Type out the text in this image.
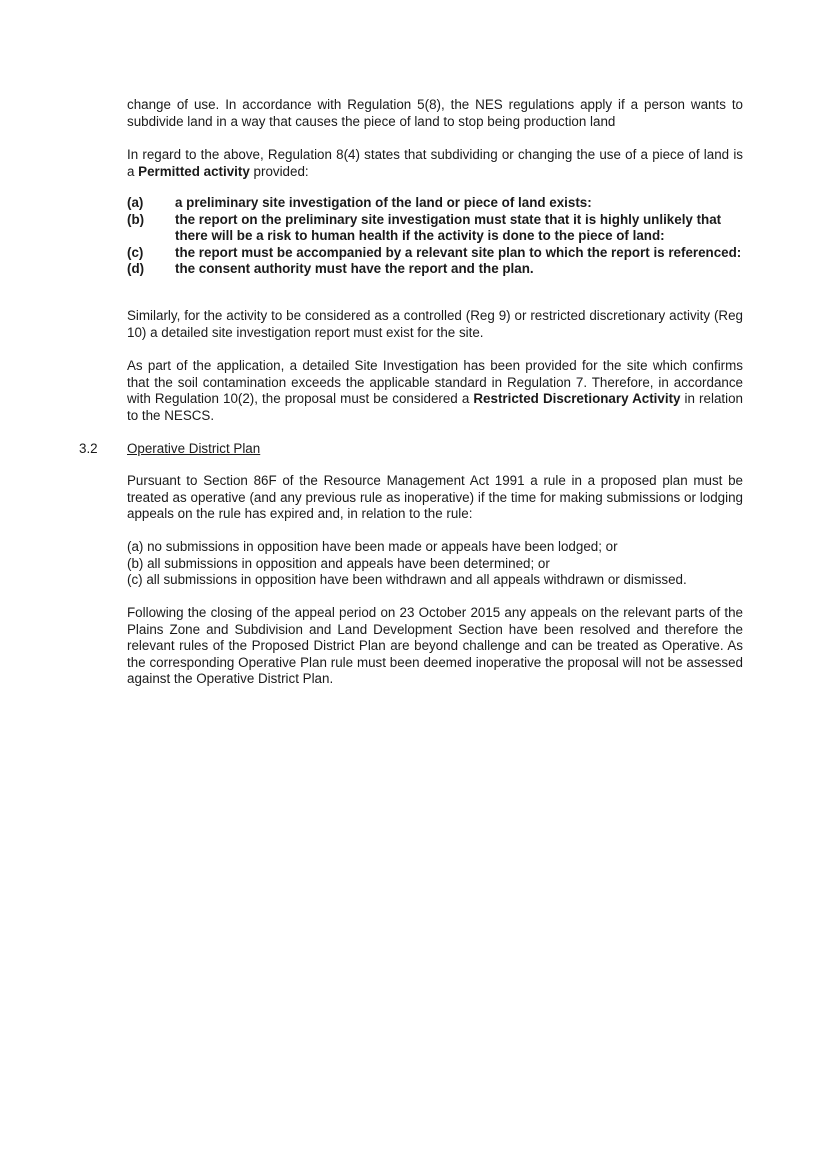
change of use. In accordance with Regulation 5(8), the NES regulations apply if a person wants to subdivide land in a way that causes the piece of land to stop being production land

In regard to the above, Regulation 8(4) states that subdividing or changing the use of a piece of land is a Permitted activity provided:

(a)	a preliminary site investigation of the land or piece of land exists:
(b)	the report on the preliminary site investigation must state that it is highly unlikely that there will be a risk to human health if the activity is done to the piece of land:
(c)	the report must be accompanied by a relevant site plan to which the report is referenced:
(d)	the consent authority must have the report and the plan.

Similarly, for the activity to be considered as a controlled (Reg 9) or restricted discretionary activity (Reg 10) a detailed site investigation report must exist for the site.

As part of the application, a detailed Site Investigation has been provided for the site which confirms that the soil contamination exceeds the applicable standard in Regulation 7. Therefore, in accordance with Regulation 10(2), the proposal must be considered a Restricted Discretionary Activity in relation to the NESCS.

3.2 Operative District Plan

Pursuant to Section 86F of the Resource Management Act 1991 a rule in a proposed plan must be treated as operative (and any previous rule as inoperative) if the time for making submissions or lodging appeals on the rule has expired and, in relation to the rule:

(a) no submissions in opposition have been made or appeals have been lodged; or
(b) all submissions in opposition and appeals have been determined; or
(c) all submissions in opposition have been withdrawn and all appeals withdrawn or dismissed.

Following the closing of the appeal period on 23 October 2015 any appeals on the relevant parts of the Plains Zone and Subdivision and Land Development Section have been resolved and therefore the relevant rules of the Proposed District Plan are beyond challenge and can be treated as Operative. As the corresponding Operative Plan rule must been deemed inoperative the proposal will not be assessed against the Operative District Plan.
